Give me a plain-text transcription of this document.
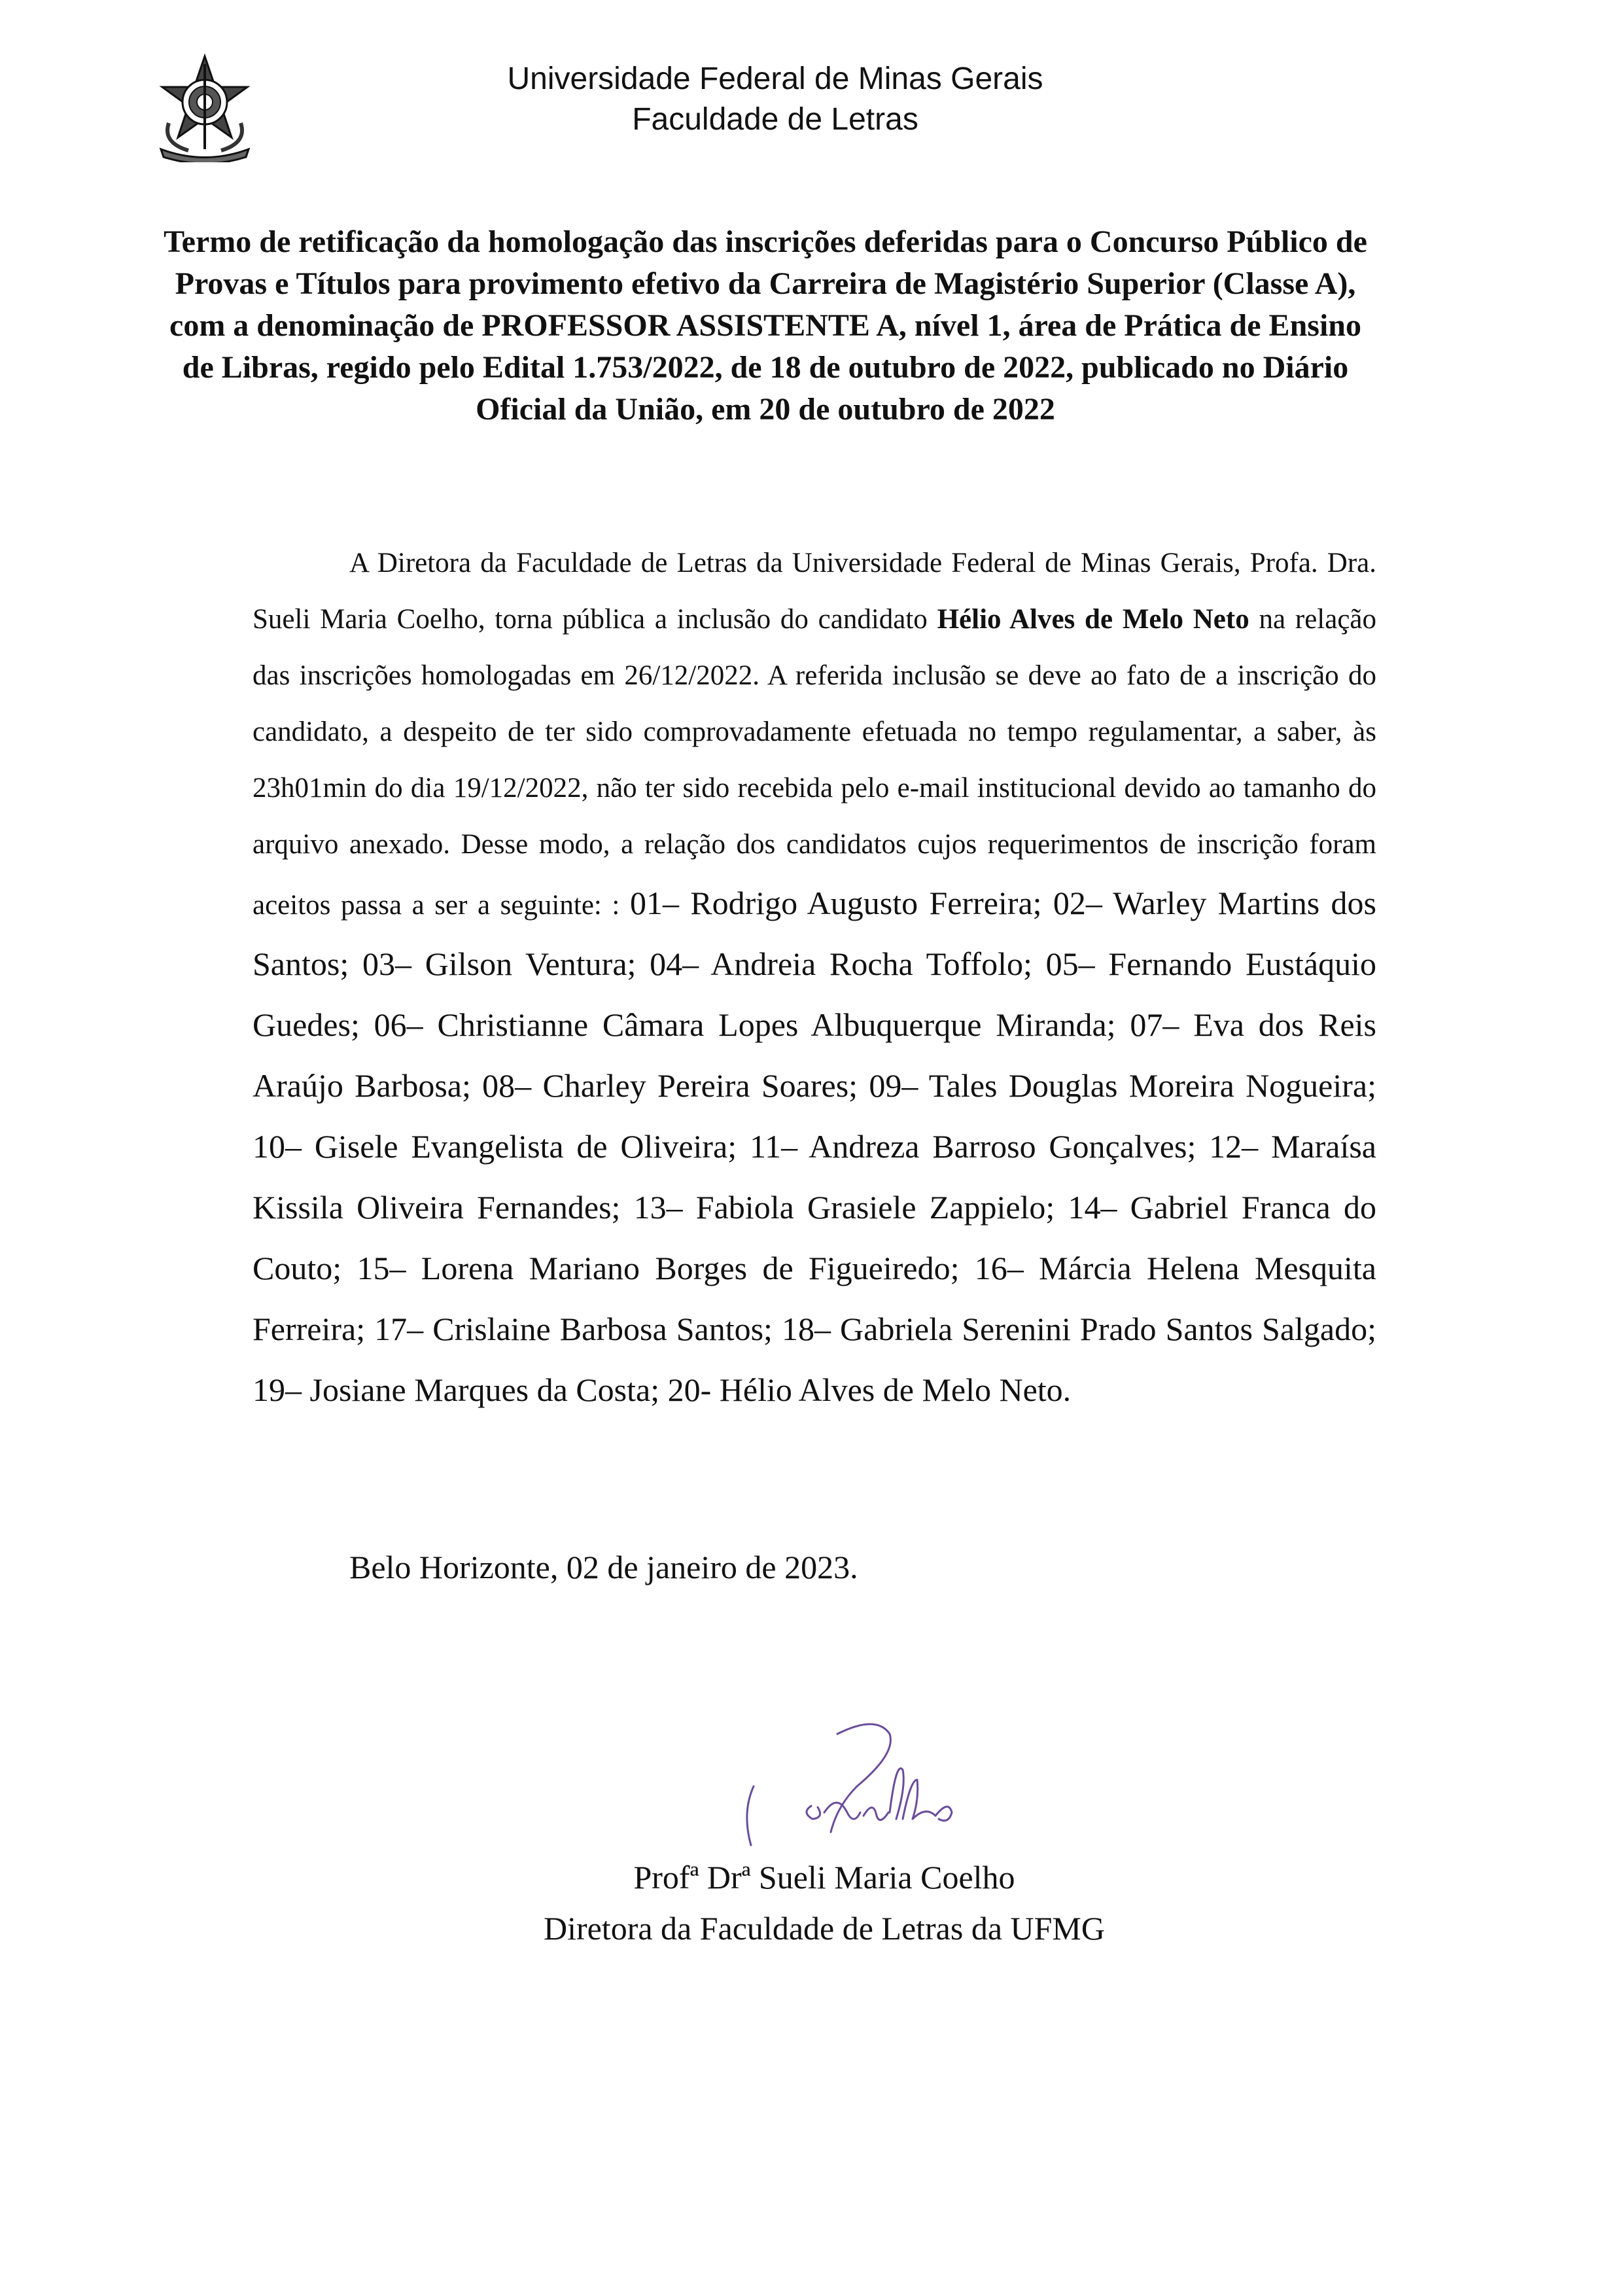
Universidade Federal de Minas Gerais
Faculdade de Letras
Termo de retificação da homologação das inscrições deferidas para o Concurso Público de Provas e Títulos para provimento efetivo da Carreira de Magistério Superior (Classe A), com a denominação de PROFESSOR ASSISTENTE A, nível 1, área de Prática de Ensino de Libras, regido pelo Edital 1.753/2022, de 18 de outubro de 2022, publicado no Diário Oficial da União, em 20 de outubro de 2022
A Diretora da Faculdade de Letras da Universidade Federal de Minas Gerais, Profa. Dra. Sueli Maria Coelho, torna pública a inclusão do candidato Hélio Alves de Melo Neto na relação das inscrições homologadas em 26/12/2022. A referida inclusão se deve ao fato de a inscrição do candidato, a despeito de ter sido comprovadamente efetuada no tempo regulamentar, a saber, às 23h01min do dia 19/12/2022, não ter sido recebida pelo e-mail institucional devido ao tamanho do arquivo anexado. Desse modo, a relação dos candidatos cujos requerimentos de inscrição foram aceitos passa a ser a seguinte: : 01– Rodrigo Augusto Ferreira; 02– Warley Martins dos Santos; 03– Gilson Ventura; 04– Andreia Rocha Toffolo; 05– Fernando Eustáquio Guedes; 06– Christianne Câmara Lopes Albuquerque Miranda; 07– Eva dos Reis Araújo Barbosa; 08– Charley Pereira Soares; 09– Tales Douglas Moreira Nogueira; 10– Gisele Evangelista de Oliveira; 11– Andreza Barroso Gonçalves; 12– Maraísa Kissila Oliveira Fernandes; 13– Fabiola Grasiele Zappielo; 14– Gabriel Franca do Couto; 15– Lorena Mariano Borges de Figueiredo; 16– Márcia Helena Mesquita Ferreira; 17– Crislaine Barbosa Santos; 18– Gabriela Serenini Prado Santos Salgado; 19– Josiane Marques da Costa; 20- Hélio Alves de Melo Neto.
Belo Horizonte, 02 de janeiro de 2023.
Profª Drª Sueli Maria Coelho
Diretora da Faculdade de Letras da UFMG
